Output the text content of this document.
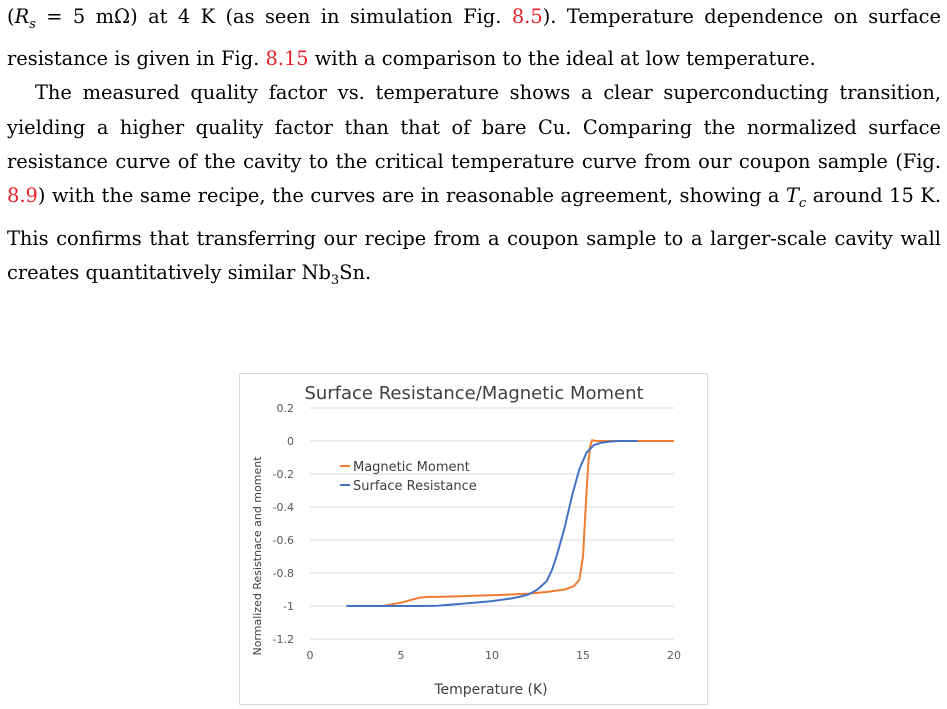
($R_s = 5$ mΩ) at 4 K (as seen in simulation Fig. 8.5). Temperature dependence on surface resistance is given in Fig. 8.15 with a comparison to the ideal at low temperature.

The measured quality factor vs. temperature shows a clear superconducting transition, yielding a higher quality factor than that of bare Cu. Comparing the normalized surface resistance curve of the cavity to the critical temperature curve from our coupon sample (Fig. 8.9) with the same recipe, the curves are in reasonable agreement, showing a $T_c$ around 15 K. This confirms that transferring our recipe from a coupon sample to a larger-scale cavity wall creates quantitatively similar $Nb_3Sn$.

Surface Resistance/Magnetic Moment
0.2
0
-0.2
-0.4
-0.6
-0.8
-1
-1.2
0	5	10	15	20
Temperature (K)
Normalized Resistnace and moment	Magnetic Moment
Surface Resistance
